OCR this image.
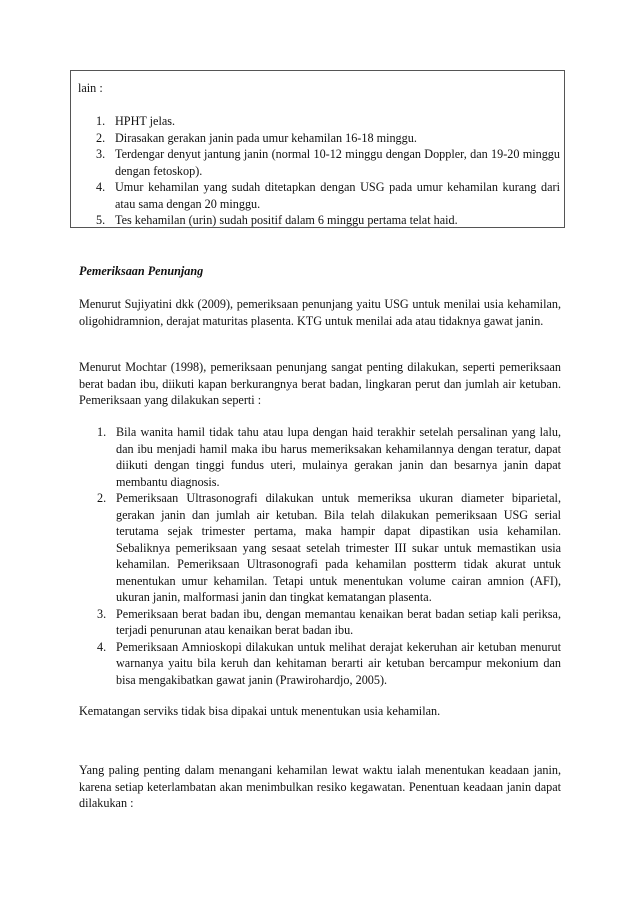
lain :

1. HPHT jelas.
2. Dirasakan gerakan janin pada umur kehamilan 16-18 minggu.
3. Terdengar denyut jantung janin (normal 10-12 minggu dengan Doppler, dan 19-20 minggu dengan fetoskop).
4. Umur kehamilan yang sudah ditetapkan dengan USG pada umur kehamilan kurang dari atau sama dengan 20 minggu.
5. Tes kehamilan (urin) sudah positif dalam 6 minggu pertama telat haid.

Pemeriksaan Penunjang

Menurut Sujiyatini dkk (2009), pemeriksaan penunjang yaitu USG untuk menilai usia kehamilan, oligohidramnion, derajat maturitas plasenta. KTG untuk menilai ada atau tidaknya gawat janin.

Menurut Mochtar (1998), pemeriksaan penunjang sangat penting dilakukan, seperti pemeriksaan berat badan ibu, diikuti kapan berkurangnya berat badan, lingkaran perut dan jumlah air ketuban. Pemeriksaan yang dilakukan seperti :

1. Bila wanita hamil tidak tahu atau lupa dengan haid terakhir setelah persalinan yang lalu, dan ibu menjadi hamil maka ibu harus memeriksakan kehamilannya dengan teratur, dapat diikuti dengan tinggi fundus uteri, mulainya gerakan janin dan besarnya janin dapat membantu diagnosis.
2. Pemeriksaan Ultrasonografi dilakukan untuk memeriksa ukuran diameter biparietal, gerakan janin dan jumlah air ketuban. Bila telah dilakukan pemeriksaan USG serial terutama sejak trimester pertama, maka hampir dapat dipastikan usia kehamilan. Sebaliknya pemeriksaan yang sesaat setelah trimester III sukar untuk memastikan usia kehamilan. Pemeriksaan Ultrasonografi pada kehamilan postterm tidak akurat untuk menentukan umur kehamilan. Tetapi untuk menentukan volume cairan amnion (AFI), ukuran janin, malformasi janin dan tingkat kematangan plasenta.
3. Pemeriksaan berat badan ibu, dengan memantau kenaikan berat badan setiap kali periksa, terjadi penurunan atau kenaikan berat badan ibu.
4. Pemeriksaan Amnioskopi dilakukan untuk melihat derajat kekeruhan air ketuban menurut warnanya yaitu bila keruh dan kehitaman berarti air ketuban bercampur mekonium dan bisa mengakibatkan gawat janin (Prawirohardjo, 2005).

Kematangan serviks tidak bisa dipakai untuk menentukan usia kehamilan.

Yang paling penting dalam menangani kehamilan lewat waktu ialah menentukan keadaan janin, karena setiap keterlambatan akan menimbulkan resiko kegawatan. Penentuan keadaan janin dapat dilakukan :
